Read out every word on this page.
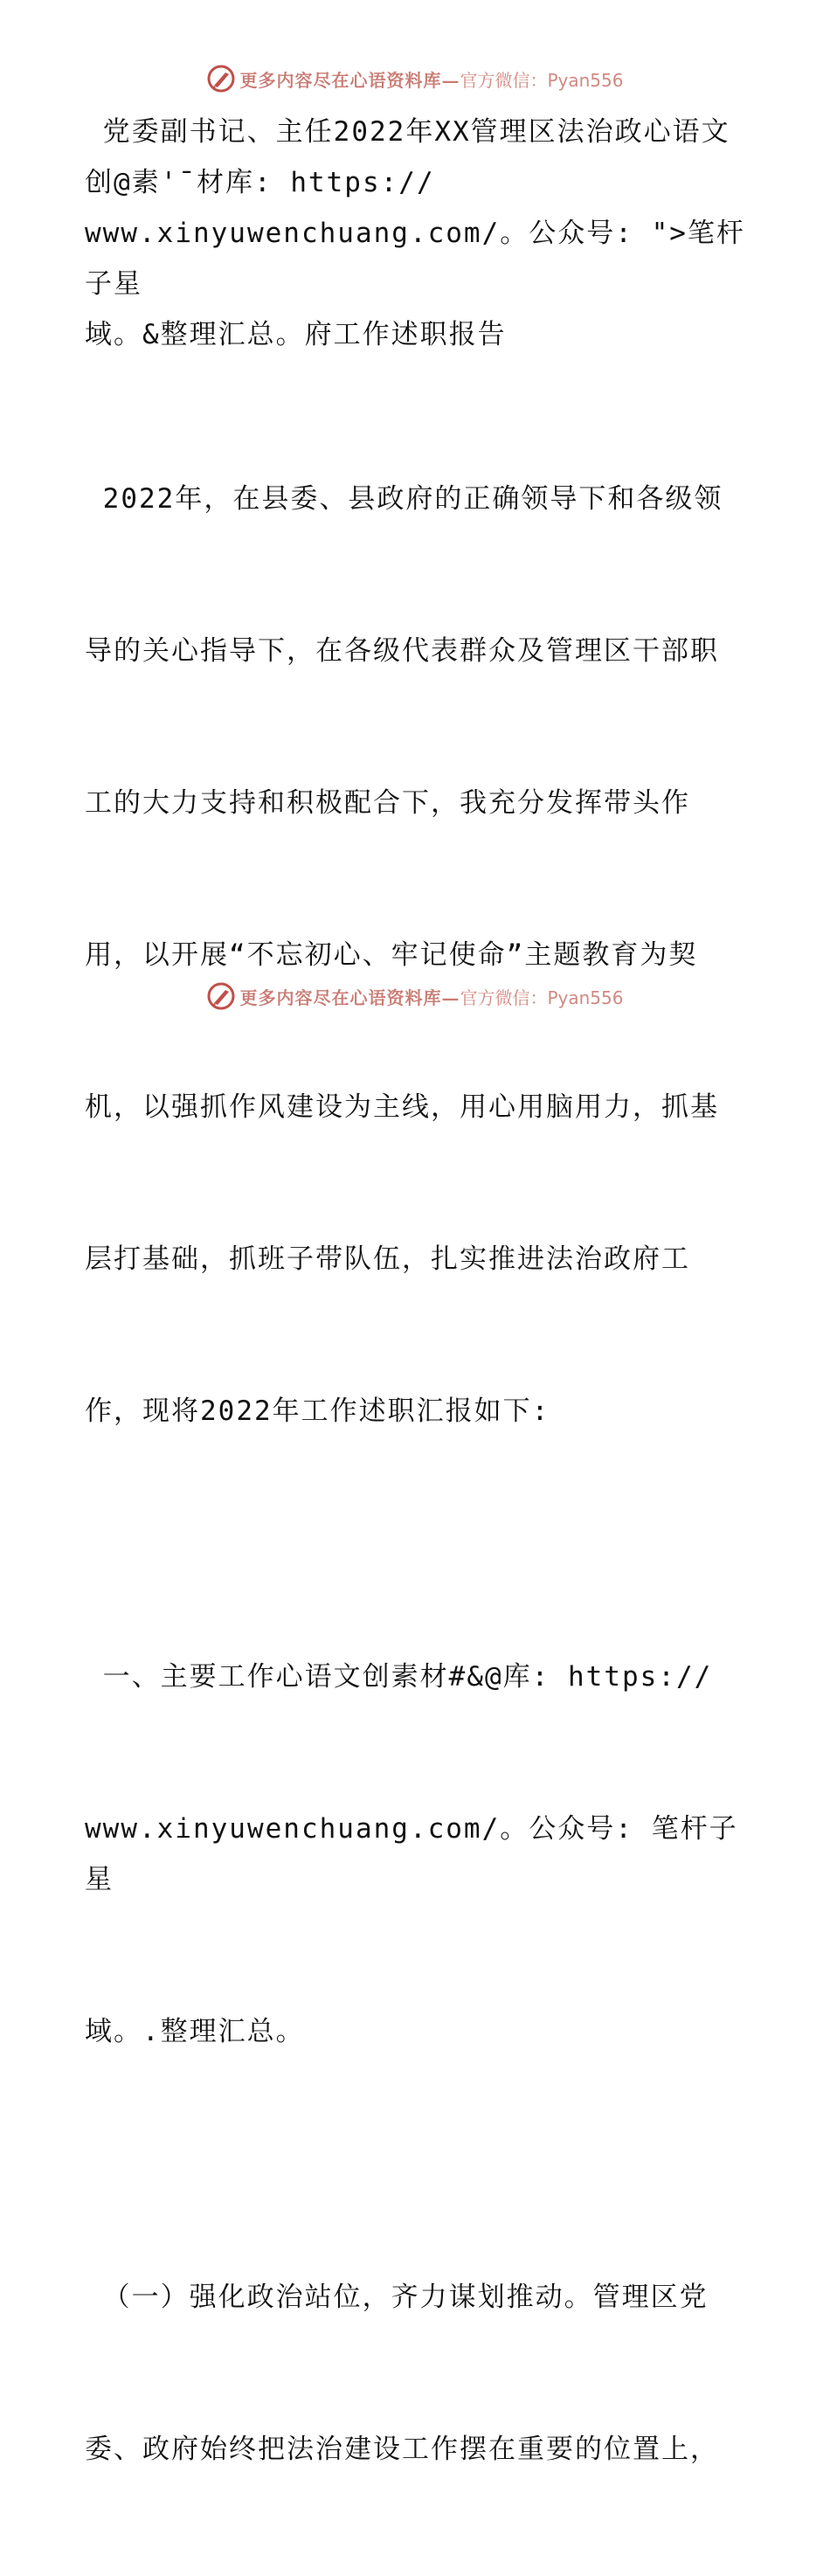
更多内容尽在心语资料库— 官方微信：Pyan556
党委副书记、主任2022年XX管理区法治政心语文
创@素'¯材库: https://
www.xinyuwenchuang.com/。公众号: ">笔杆子星
域。&整理汇总。府工作述职报告

2022年，在县委、县政府的正确领导下和各级领

导的关心指导下，在各级代表群众及管理区干部职

工的大力支持和积极配合下，我充分发挥带头作

用，以开展“不忘初心、牢记使命”主题教育为契

机，以强抓作风建设为主线，用心用脑用力，抓基

层打基础，抓班子带队伍，扎实推进法治政府工

作，现将2022年工作述职汇报如下:

一、主要工作心语文创素材#&@库: https://

www.xinyuwenchuang.com/。公众号: 笔杆子星

域。.整理汇总。

（一）强化政治站位，齐力谋划推动。管理区党

委、政府始终把法治建设工作摆在重要的位置上，

更多内容尽在心语资料库— 官方微信：Pyan556
